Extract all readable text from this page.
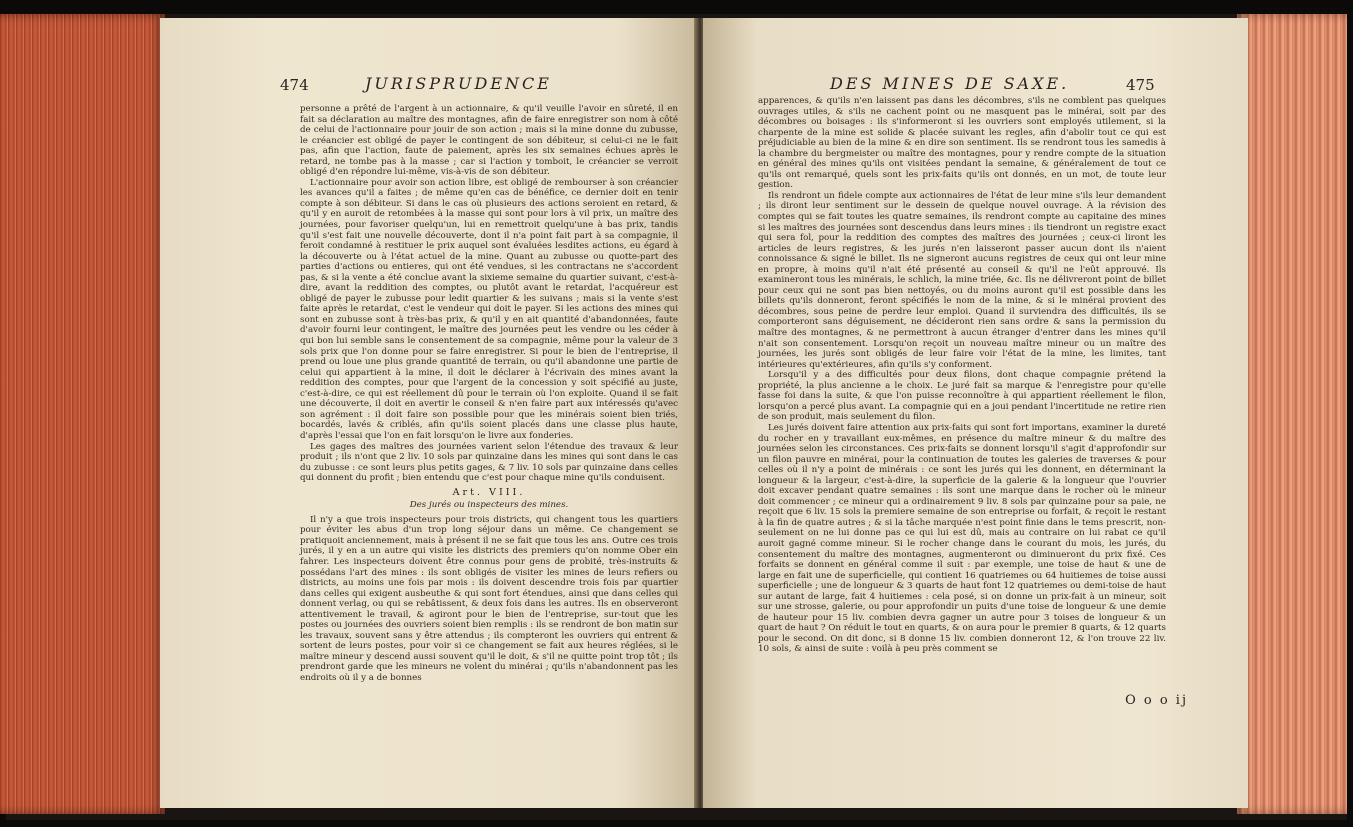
474	JURISPRUDENCE

personne a prêté de l'argent à un actionnaire, & qu'il veuille l'avoir en sûreté, il en fait sa déclaration au maître des montagnes, afin de faire enregistrer son nom à côté de celui de l'actionnaire pour jouir de son action ; mais si la mine donne du zubusse, le créancier est obligé de payer le contingent de son débiteur, si celui-ci ne le fait pas, afin que l'action, faute de paiement, après les six semaines échues après le retard, ne tombe pas à la masse ; car si l'action y tomboit, le créancier se verroit obligé d'en répondre lui-même, vis-à-vis de son débiteur.

L'actionnaire pour avoir son action libre, est obligé de rembourser à son créancier les avances qu'il a faites ; de même qu'en cas de bénéfice, ce dernier doit en tenir compte à son débiteur. Si dans le cas où plusieurs des actions seroient en retard, & qu'il y en auroit de retombées à la masse qui sont pour lors à vil prix, un maître des journées, pour favoriser quelqu'un, lui en remettroit quelqu'une à bas prix, tandis qu'il s'est fait une nouvelle découverte, dont il n'a point fait part à sa compagnie, il feroit condamné à restituer le prix auquel sont évaluées lesdites actions, eu égard à la découverte ou à l'état actuel de la mine. Quant au zubusse ou quotte-part des parties d'actions ou entieres, qui ont été vendues, si les contractans ne s'accordent pas, & si la vente a été conclue avant la sixieme semaine du quartier suivant, c'est-à-dire, avant la reddition des comptes, ou plutôt avant le retardat, l'acquéreur est obligé de payer le zubusse pour ledit quartier & les suivans ; mais si la vente s'est faite après le retardat, c'est le vendeur qui doit le payer. Si les actions des mines qui sont en zubusse sont à très-bas prix, & qu'il y en ait quantité d'abandonnées, faute d'avoir fourni leur contingent, le maître des journées peut les vendre ou les céder à qui bon lui semble sans le consentement de sa compagnie, même pour la valeur de 3 sols prix que l'on donne pour se faire enregistrer. Si pour le bien de l'entreprise, il prend ou loue une plus grande quantité de terrain, ou qu'il abandonne une partie de celui qui appartient à la mine, il doit le déclarer à l'écrivain des mines avant la reddition des comptes, pour que l'argent de la concession y soit spécifié au juste, c'est-à-dire, ce qui est réellement dû pour le terrain où l'on exploite. Quand il se fait une découverte, il doit en avertir le conseil & n'en faire part aux intéressés qu'avec son agrément : il doit faire son possible pour que les minérais soient bien triés, bocardés, lavés & criblés, afin qu'ils soient placés dans une classe plus haute, d'après l'essai que l'on en fait lorsqu'on le livre aux fonderies.

Les gages des maîtres des journées varient selon l'étendue des travaux & leur produit ; ils n'ont que 2 liv. 10 sols par quinzaine dans les mines qui sont dans le cas du zubusse : ce sont leurs plus petits gages, & 7 liv. 10 sols par quinzaine dans celles qui donnent du profit ; bien entendu que c'est pour chaque mine qu'ils conduisent.

Art. VIII.
Des jurés ou inspecteurs des mines.

Il n'y a que trois inspecteurs pour trois districts, qui changent tous les quartiers pour éviter les abus d'un trop long séjour dans un même. Ce changement se pratiquoit anciennement, mais à présent il ne se fait que tous les ans. Outre ces trois jurés, il y en a un autre qui visite les districts des premiers qu'on nomme Ober ein fahrer. Les inspecteurs doivent être connus pour gens de probité, très-instruits & possédans l'art des mines : ils sont obligés de visiter les mines de leurs refiers ou districts, au moins une fois par mois : ils doivent descendre trois fois par quartier dans celles qui exigent ausbeuthe & qui sont fort étendues, ainsi que dans celles qui donnent verlag, ou qui se rebâtissent, & deux fois dans les autres. Ils en observeront attentivement le travail, & agiront pour le bien de l'entreprise, sur-tout que les postes ou journées des ouvriers soient bien remplis : ils se rendront de bon matin sur les travaux, souvent sans y être attendus ; ils compteront les ouvriers qui entrent & sortent de leurs postes, pour voir si ce changement se fait aux heures réglées, si le maître mineur y descend aussi souvent qu'il le doit, & s'il ne quitte point trop tôt ; ils prendront garde que les mineurs ne volent du minérai ; qu'ils n'abandonnent pas les endroits où il y a de bonnes

DES MINES DE SAXE.	475

apparences, & qu'ils n'en laissent pas dans les décombres, s'ils ne comblent pas quelques ouvrages utiles, & s'ils ne cachent point ou ne masquent pas le minérai, soit par des décombres ou boisages : ils s'informeront si les ouvriers sont employés utilement, si la charpente de la mine est solide & placée suivant les regles, afin d'abolir tout ce qui est préjudiciable au bien de la mine & en dire son sentiment. Ils se rendront tous les samedis à la chambre du bergmeister ou maître des montagnes, pour y rendre compte de la situation en général des mines qu'ils ont visitées pendant la semaine, & généralement de tout ce qu'ils ont remarqué, quels sont les prix-faits qu'ils ont donnés, en un mot, de toute leur gestion.

Ils rendront un fidele compte aux actionnaires de l'état de leur mine s'ils leur demandent ; ils diront leur sentiment sur le dessein de quelque nouvel ouvrage. À la révision des comptes qui se fait toutes les quatre semaines, ils rendront compte au capitaine des mines si les maîtres des journées sont descendus dans leurs mines : ils tiendront un registre exact qui sera fol, pour la reddition des comptes des maîtres des journées ; ceux-ci liront les articles de leurs registres, & les jurés n'en laisseront passer aucun dont ils n'aient connoissance & signé le billet. Ils ne signeront aucuns registres de ceux qui ont leur mine en propre, à moins qu'il n'ait été présenté au conseil & qu'il ne l'eût approuvé. Ils examineront tous les minérais, le schlich, la mine triée, &c. Ils ne délivreront point de billet pour ceux qui ne sont pas bien nettoyés, ou du moins auront qu'il est possible dans les billets qu'ils donneront, feront spécifiés le nom de la mine, & si le minérai provient des décombres, sous peine de perdre leur emploi. Quand il surviendra des difficultés, ils se comporteront sans déguisement, ne décideront rien sans ordre & sans la permission du maître des montagnes, & ne permettront à aucun étranger d'entrer dans les mines qu'il n'ait son consentement. Lorsqu'on reçoit un nouveau maître mineur ou un maître des journées, les jurés sont obligés de leur faire voir l'état de la mine, les limites, tant intérieures qu'extérieures, afin qu'ils s'y conforment.

Lorsqu'il y a des difficultés pour deux filons, dont chaque compagnie prétend la propriété, la plus ancienne a le choix. Le juré fait sa marque & l'enregistre pour qu'elle fasse foi dans la suite, & que l'on puisse reconnoître à qui appartient réellement le filon, lorsqu'on a percé plus avant. La compagnie qui en a joui pendant l'incertitude ne retire rien de son produit, mais seulement du filon.

Les jurés doivent faire attention aux prix-faits qui sont fort importans, examiner la dureté du rocher en y travaillant eux-mêmes, en présence du maître mineur & du maître des journées selon les circonstances. Ces prix-faits se donnent lorsqu'il s'agit d'approfondir sur un filon pauvre en minérai, pour la continuation de toutes les galeries de traverses & pour celles où il n'y a point de minérais : ce sont les jurés qui les donnent, en déterminant la longueur & la largeur, c'est-à-dire, la superficie de la galerie & la longueur que l'ouvrier doit excaver pendant quatre semaines : ils sont une marque dans le rocher où le mineur doit commencer ; ce mineur qui a ordinairement 9 liv. 8 sols par quinzaine pour sa paie, ne reçoit que 6 liv. 15 sols la premiere semaine de son entreprise ou forfait, & reçoit le restant à la fin de quatre autres ; & si la tâche marquée n'est point finie dans le tems prescrit, non-seulement on ne lui donne pas ce qui lui est dû, mais au contraire on lui rabat ce qu'il auroit gagné comme mineur. Si le rocher change dans le courant du mois, les jurés, du consentement du maître des montagnes, augmenteront ou diminueront du prix fixé. Ces forfaits se donnent en général comme il suit : par exemple, une toise de haut & une de large en fait une de superficielle, qui contient 16 quatriemes ou 64 huitiemes de toise aussi superficielle ; une de longueur & 3 quarts de haut font 12 quatriemes ou demi-toise de haut sur autant de large, fait 4 huitiemes : cela posé, si on donne un prix-fait à un mineur, soit sur une strosse, galerie, ou pour approfondir un puits d'une toise de longueur & une demie de hauteur pour 15 liv. combien devra gagner un autre pour 3 toises de longueur & un quart de haut ? On réduit le tout en quarts, & on aura pour le premier 8 quarts, & 12 quarts pour le second. On dit donc, si 8 donne 15 liv. combien donneront 12, & l'on trouve 22 liv. 10 sols, & ainsi de suite : voilà à peu près comment se

O o o ij
